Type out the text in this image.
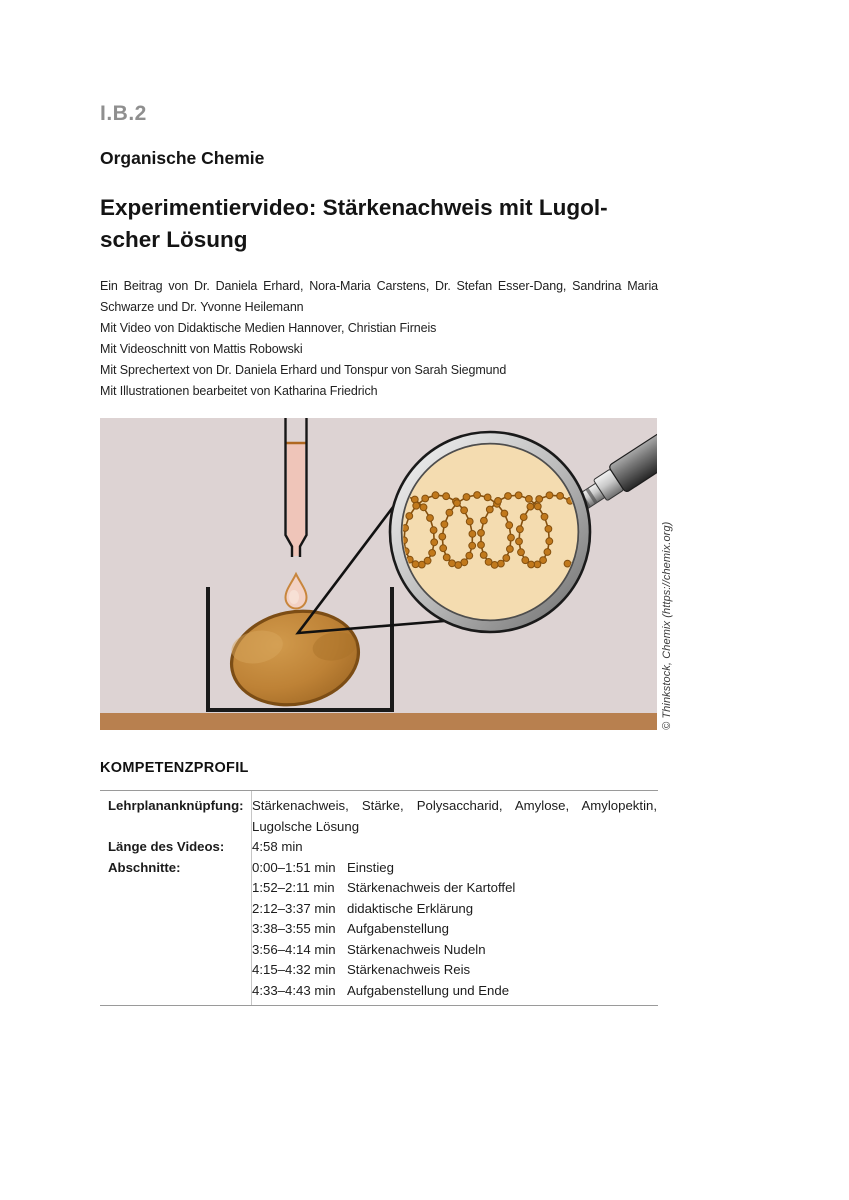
I.B.2
Organische Chemie
Experimentiervideo: Stärkenachweis mit Lugol-
scher Lösung
Ein Beitrag von Dr. Daniela Erhard, Nora-Maria Carstens, Dr. Stefan Esser-Dang, Sandrina Maria
Schwarze und Dr. Yvonne Heilemann
Mit Video von Didaktische Medien Hannover, Christian Firneis
Mit Videoschnitt von Mattis Robowski
Mit Sprechertext von Dr. Daniela Erhard und Tonspur von Sarah Siegmund
Mit Illustrationen bearbeitet von Katharina Friedrich
© Thinkstock, Chemix (https://chemix.org)
KOMPETENZPROFIL
Lehrplananknüpfung: Stärkenachweis, Stärke, Polysaccharid, Amylose, Amylopektin,
Lugolsche Lösung
Länge des Videos:	4:58 min
Abschnitte:	0:00–1:51 min Einstieg
1:52–2:11 min Stärkenachweis der Kartoffel
2:12–3:37 min didaktische Erklärung
3:38–3:55 min Aufgabenstellung
3:56–4:14 min Stärkenachweis Nudeln
4:15–4:32 min Stärkenachweis Reis
4:33–4:43 min Aufgabenstellung und Ende
